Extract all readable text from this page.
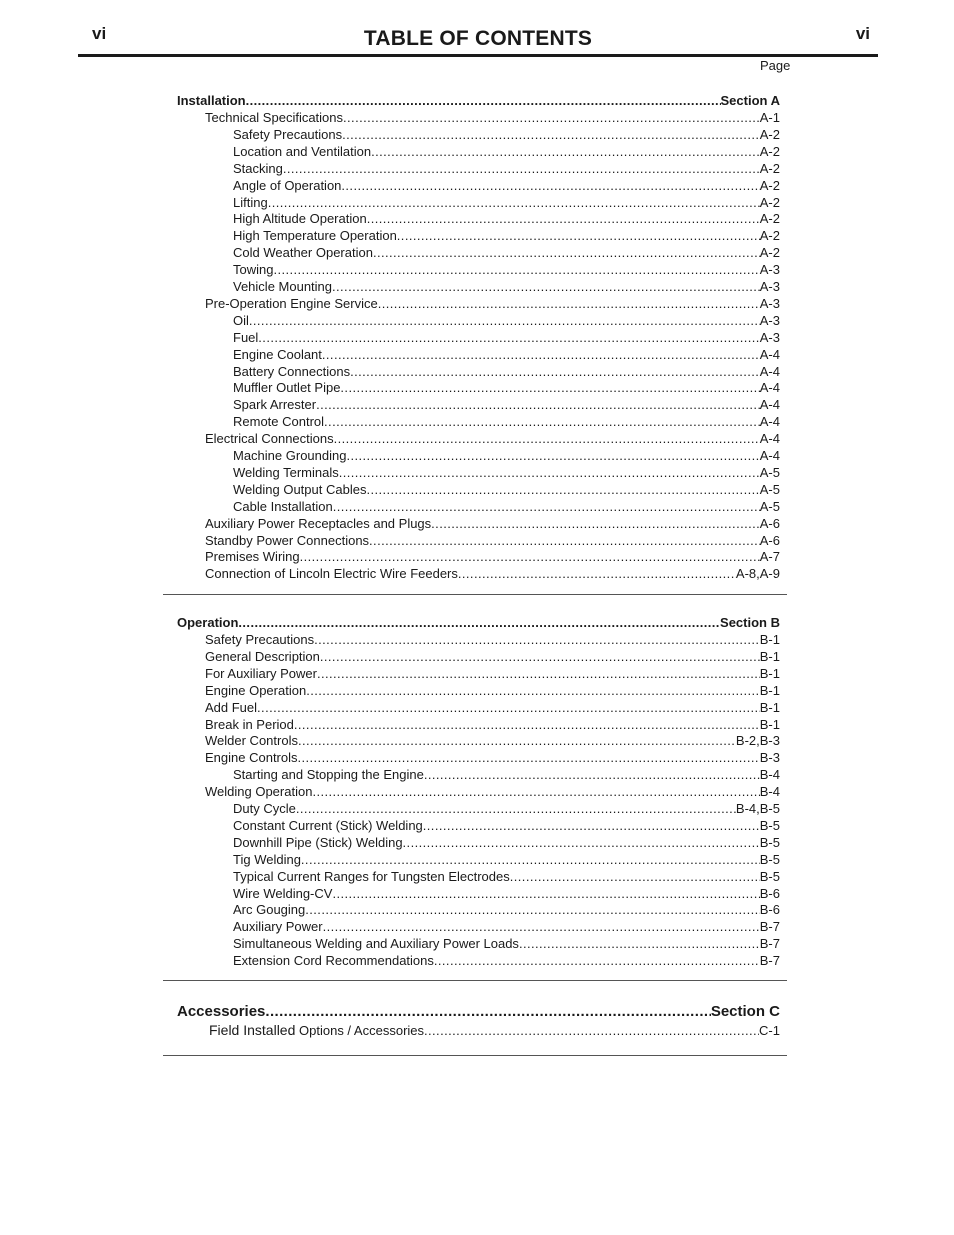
vi	TABLE OF CONTENTS	vi
Page
Installation .....	Section A
Technical Specifications .....	A-1
Safety Precautions .....	A-2
Location and Ventilation .....	A-2
Stacking .....	A-2
Angle of Operation .....	A-2
Lifting .....	A-2
High Altitude Operation .....	A-2
High Temperature Operation .....	A-2
Cold Weather Operation .....	A-2
Towing .....	A-3
Vehicle Mounting .....	A-3
Pre-Operation Engine Service .....	A-3
Oil .....	A-3
Fuel .....	A-3
Engine Coolant .....	A-4
Battery Connections .....	A-4
Muffler Outlet Pipe .....	A-4
Spark Arrester .....	A-4
Remote Control .....	A-4
Electrical Connections .....	A-4
Machine Grounding .....	A-4
Welding Terminals .....	A-5
Welding Output Cables .....	A-5
Cable Installation .....	A-5
Auxiliary Power Receptacles and Plugs .....	A-6
Standby Power Connections .....	A-6
Premises Wiring .....	A-7
Connection of Lincoln Electric Wire Feeders .....	A-8,A-9
Operation .....	Section B
Safety Precautions .....	B-1
General Description .....	B-1
For Auxiliary Power .....	B-1
Engine Operation .....	B-1
Add Fuel .....	B-1
Break in Period .....	B-1
Welder Controls .....	B-2,B-3
Engine Controls .....	B-3
Starting and Stopping the Engine .....	B-4
Welding Operation .....	B-4
Duty Cycle .....	B-4,B-5
Constant Current (Stick) Welding .....	B-5
Downhill Pipe (Stick) Welding .....	B-5
Tig Welding .....	B-5
Typical Current Ranges for Tungsten Electrodes .....	B-5
Wire Welding-CV .....	B-6
Arc Gouging .....	B-6
Auxiliary Power .....	B-7
Simultaneous Welding and Auxiliary Power Loads .....	B-7
Extension Cord Recommendations .....	B-7
Accessories .....	Section C
Field Installed Options / Accessories .....	C-1
